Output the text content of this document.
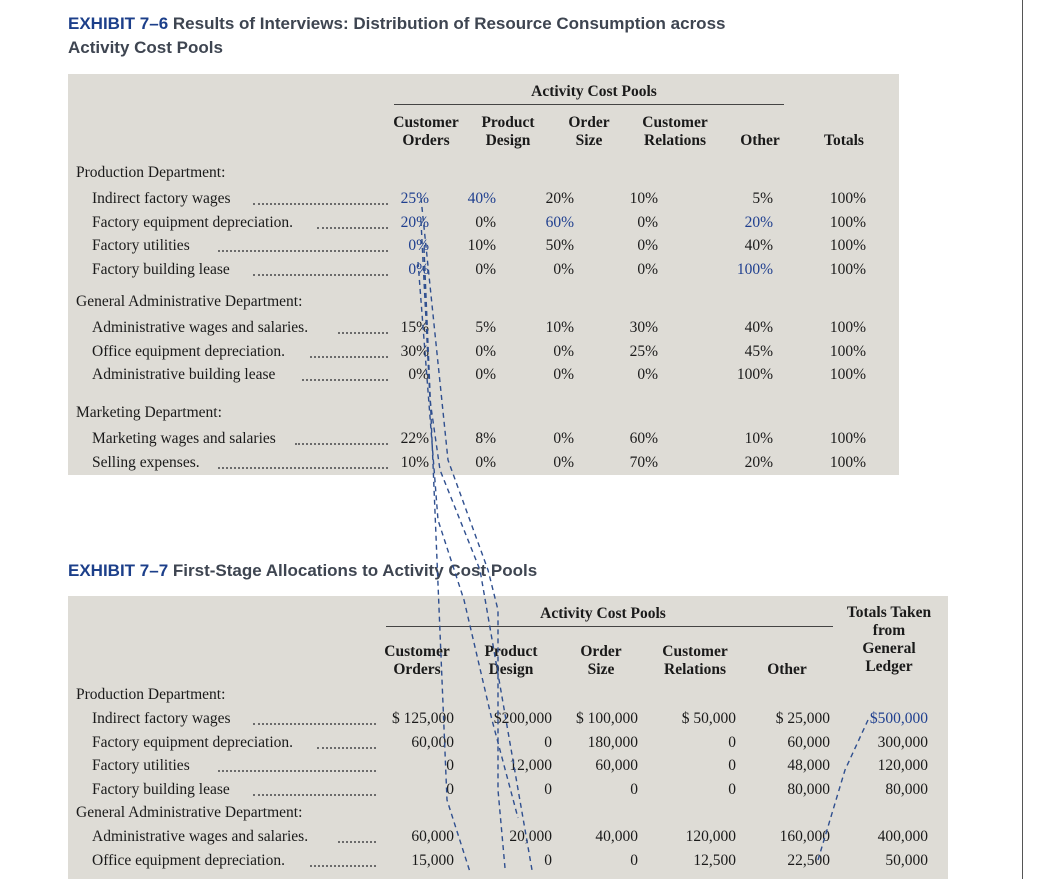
EXHIBIT 7–6 Results of Interviews: Distribution of Resource Consumption across
Activity Cost Pools
Activity Cost Pools
Customer
Orders
Product
Design
Order
Size
Customer
Relations	Other	Totals
Production Department:
Indirect factory wages	25%	40%	20%	10%	5%	100%
Factory equipment depreciation.	20%	0%	60%	0%	20%	100%
Factory utilities	0%	10%	50%	0%	40%	100%
Factory building lease	0%	0%	0%	0%	100%	100%
General Administrative Department:
Administrative wages and salaries.	15%	5%	10%	30%	40%	100%
Office equipment depreciation.	30%	0%	0%	25%	45%	100%
Administrative building lease	0%	0%	0%	0%	100%	100%
Marketing Department:
Marketing wages and salaries	22%	8%	0%	60%	10%	100%
Selling expenses.	10%	0%	0%	70%	20%	100%
EXHIBIT 7–7 First-Stage Allocations to Activity Cost Pools
Activity Cost Pools
Customer
Orders
Product
Design
Order
Size
Customer
Relations	Other
Totals Taken
from
General
Ledger
Production Department:
Indirect factory wages	$ 125,000	$200,000	$ 100,000	$ 50,000	$ 25,000	$500,000
Factory equipment depreciation.	60,000	0	180,000	0	60,000	300,000
Factory utilities	0	12,000	60,000	0	48,000	120,000
Factory building lease	0	0	0	0	80,000	80,000
General Administrative Department:
Administrative wages and salaries.	60,000	20,000	40,000	120,000	160,000	400,000
Office equipment depreciation.	15,000	0	0	12,500	22,500	50,000
